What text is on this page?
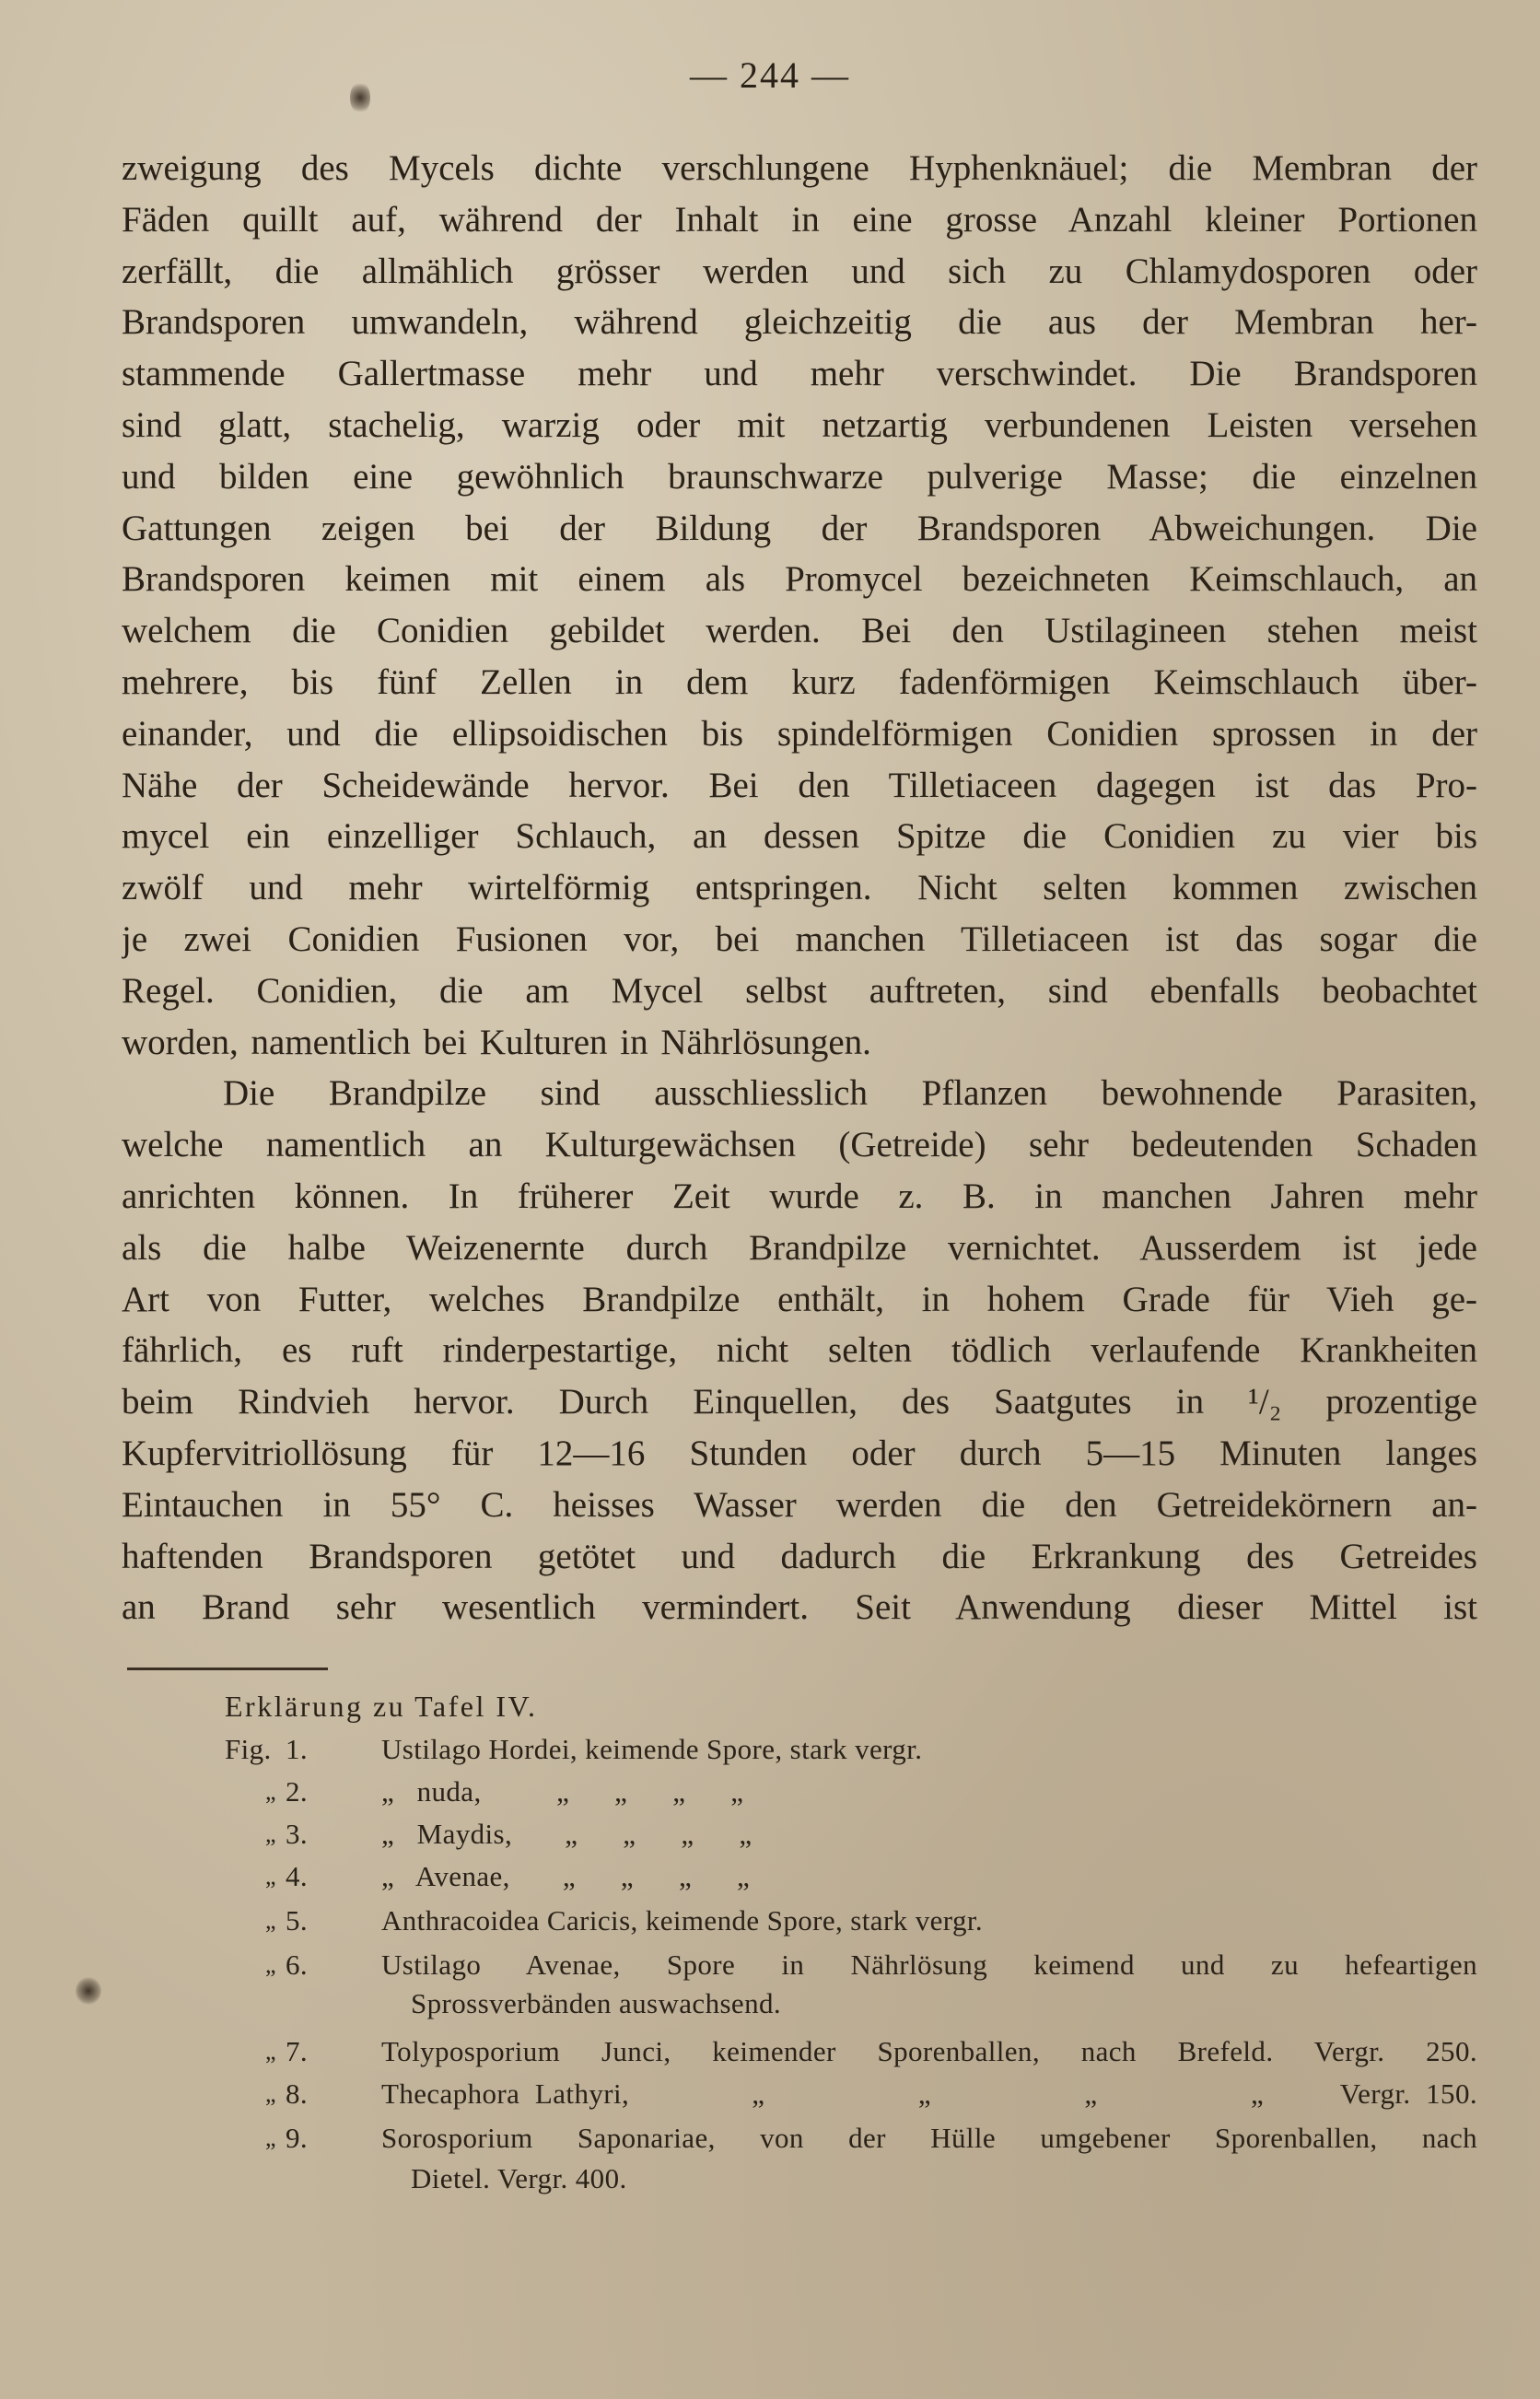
— 244 —
zweigung des Mycels dichte verschlungene Hyphenknäuel; die Membran der
Fäden quillt auf, während der Inhalt in eine grosse Anzahl kleiner Portionen
zerfällt, die allmählich grösser werden und sich zu Chlamydosporen oder
Brandsporen umwandeln, während gleichzeitig die aus der Membran her-
stammende Gallertmasse mehr und mehr verschwindet. Die Brandsporen
sind glatt, stachelig, warzig oder mit netzartig verbundenen Leisten versehen
und bilden eine gewöhnlich braunschwarze pulverige Masse; die einzelnen
Gattungen zeigen bei der Bildung der Brandsporen Abweichungen. Die
Brandsporen keimen mit einem als Promycel bezeichneten Keimschlauch, an
welchem die Conidien gebildet werden. Bei den Ustilagineen stehen meist
mehrere, bis fünf Zellen in dem kurz fadenförmigen Keimschlauch über-
einander, und die ellipsoidischen bis spindelförmigen Conidien sprossen in der
Nähe der Scheidewände hervor. Bei den Tilletiaceen dagegen ist das Pro-
mycel ein einzelliger Schlauch, an dessen Spitze die Conidien zu vier bis
zwölf und mehr wirtelförmig entspringen. Nicht selten kommen zwischen
je zwei Conidien Fusionen vor, bei manchen Tilletiaceen ist das sogar die
Regel. Conidien, die am Mycel selbst auftreten, sind ebenfalls beobachtet
worden, namentlich bei Kulturen in Nährlösungen.
Die Brandpilze sind ausschliesslich Pflanzen bewohnende Parasiten,
welche namentlich an Kulturgewächsen (Getreide) sehr bedeutenden Schaden
anrichten können. In früherer Zeit wurde z. B. in manchen Jahren mehr
als die halbe Weizenernte durch Brandpilze vernichtet. Ausserdem ist jede
Art von Futter, welches Brandpilze enthält, in hohem Grade für Vieh ge-
fährlich, es ruft rinderpestartige, nicht selten tödlich verlaufende Krankheiten
beim Rindvieh hervor. Durch Einquellen, des Saatgutes in ¹/₂ prozentige
Kupfervitriollösung für 12—16 Stunden oder durch 5—15 Minuten langes
Eintauchen in 55° C. heisses Wasser werden die den Getreidekörnern an-
haftenden Brandsporen getötet und dadurch die Erkrankung des Getreides
an Brand sehr wesentlich vermindert. Seit Anwendung dieser Mittel ist
Erklärung zu Tafel IV.
Fig. 1.	Ustilago Hordei, keimende Spore, stark vergr.
„ 2.	„   nuda,          „      „      „      „
„ 3.	„   Maydis,       „      „      „      „
„ 4.	„   Avenae,       „      „      „      „
„ 5.	Anthracoidea Caricis, keimende Spore, stark vergr.
„ 6.	Ustilago Avenae, Spore in Nährlösung keimend und zu hefeartigen
Sprossverbänden auswachsend.
„ 7.	Tolyposporium Junci, keimender Sporenballen, nach Brefeld. Vergr. 250.
„ 8.	Thecaphora Lathyri,        „          „          „          „     Vergr. 150.
„ 9.	Sorosporium Saponariae, von der Hülle umgebener Sporenballen, nach
Dietel. Vergr. 400.
